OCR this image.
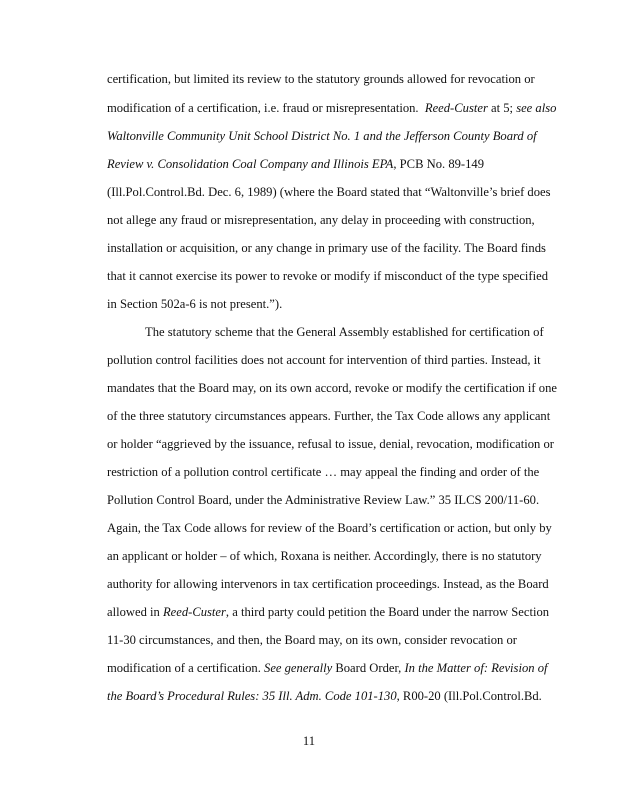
certification, but limited its review to the statutory grounds allowed for revocation or
modification of a certification, i.e. fraud or misrepresentation. Reed-Custer at 5; see also
Waltonville Community Unit School District No. 1 and the Jefferson County Board of
Review v. Consolidation Coal Company and Illinois EPA, PCB No. 89-149
(Ill.Pol.Control.Bd. Dec. 6, 1989) (where the Board stated that “Waltonville’s brief does
not allege any fraud or misrepresentation, any delay in proceeding with construction,
installation or acquisition, or any change in primary use of the facility. The Board finds
that it cannot exercise its power to revoke or modify if misconduct of the type specified
in Section 502a-6 is not present.”).
The statutory scheme that the General Assembly established for certification of
pollution control facilities does not account for intervention of third parties. Instead, it
mandates that the Board may, on its own accord, revoke or modify the certification if one
of the three statutory circumstances appears. Further, the Tax Code allows any applicant
or holder “aggrieved by the issuance, refusal to issue, denial, revocation, modification or
restriction of a pollution control certificate … may appeal the finding and order of the
Pollution Control Board, under the Administrative Review Law.” 35 ILCS 200/11-60.
Again, the Tax Code allows for review of the Board’s certification or action, but only by
an applicant or holder – of which, Roxana is neither. Accordingly, there is no statutory
authority for allowing intervenors in tax certification proceedings. Instead, as the Board
allowed in Reed-Custer, a third party could petition the Board under the narrow Section
11-30 circumstances, and then, the Board may, on its own, consider revocation or
modification of a certification. See generally Board Order, In the Matter of: Revision of
the Board’s Procedural Rules: 35 Ill. Adm. Code 101-130, R00-20 (Ill.Pol.Control.Bd.
11
